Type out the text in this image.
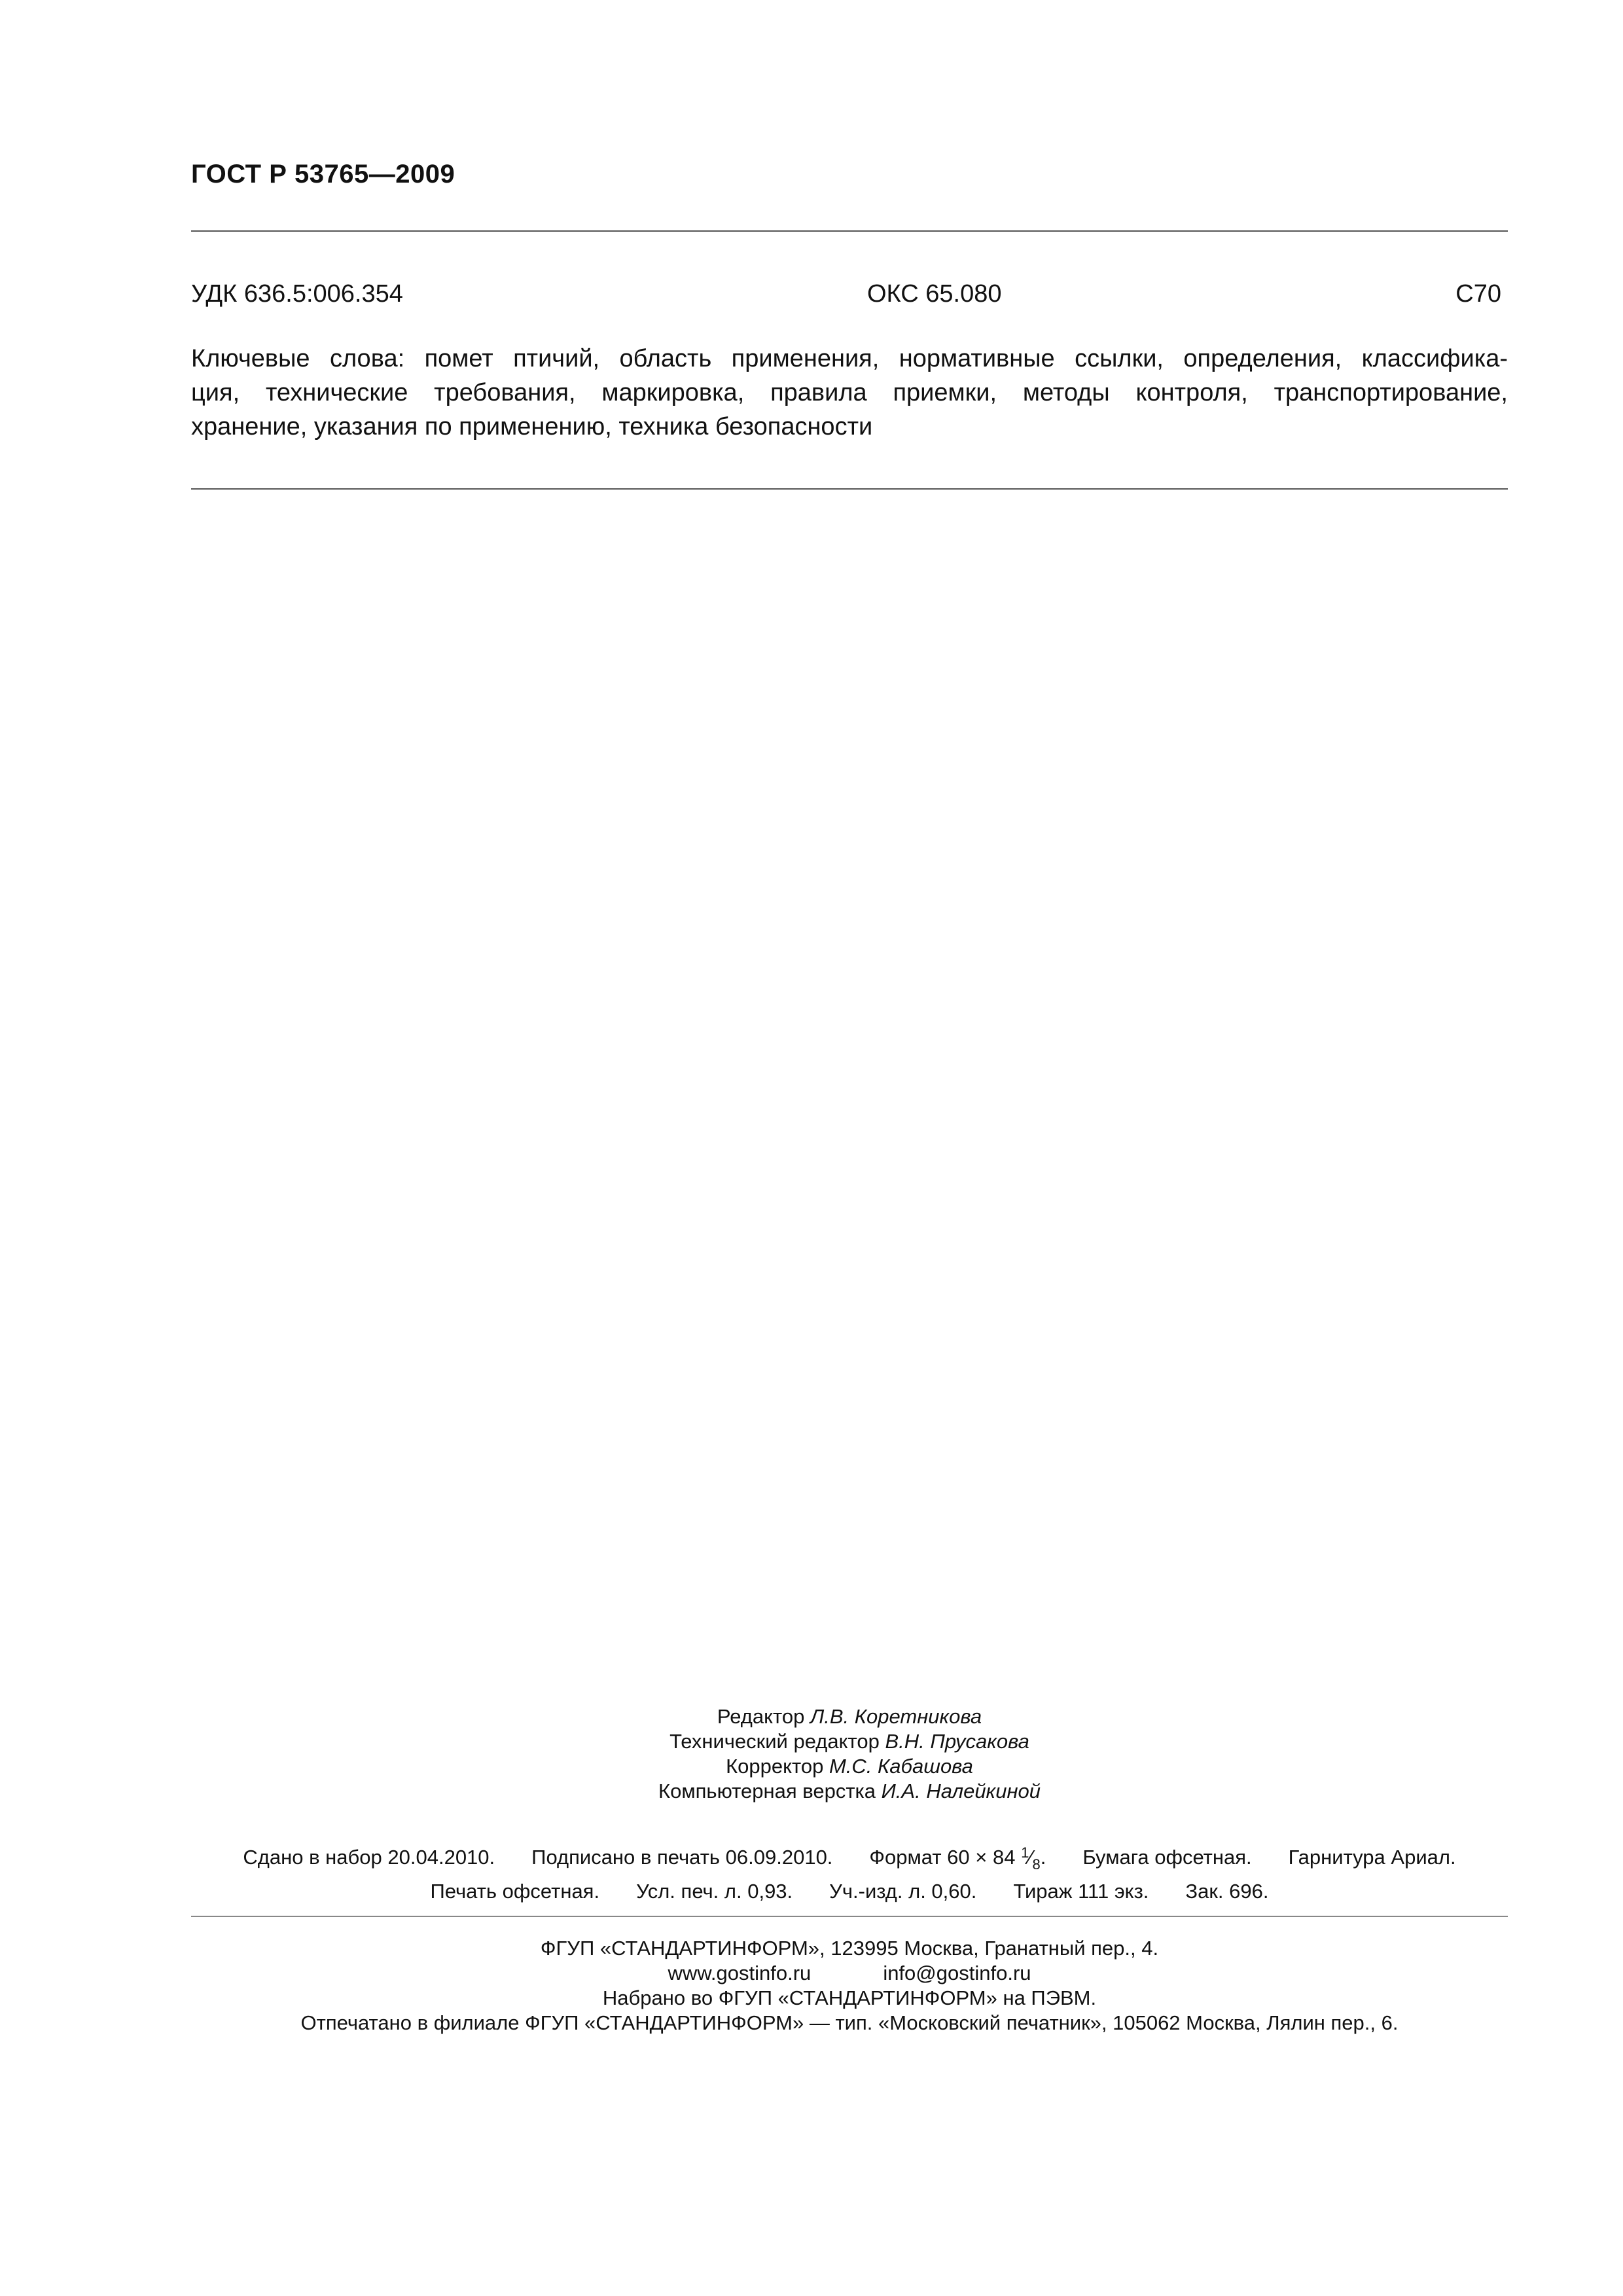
ГОСТ Р 53765—2009
УДК 636.5:006.354	ОКС 65.080	С70
Ключевые слова: помет птичий, область применения, нормативные ссылки, определения, классифика-
ция, технические требования, маркировка, правила приемки, методы контроля, транспортирование,
хранение, указания по применению, техника безопасности
Редактор Л.В. Коретникова
Технический редактор В.Н. Прусакова
Корректор М.С. Кабашова
Компьютерная верстка И.А. Налейкиной
Сдано в набор 20.04.2010. Подписано в печать 06.09.2010. Формат 60 × 84 $^1⁄_8$. Бумага офсетная. Гарнитура Ариал.
Печать офсетная. Усл. печ. л. 0,93. Уч.-изд. л. 0,60. Тираж 111 экз. Зак. 696.
ФГУП «СТАНДАРТИНФОРМ», 123995 Москва, Гранатный пер., 4.
www.gostinfo.ru	info@gostinfo.ru
Набрано во ФГУП «СТАНДАРТИНФОРМ» на ПЭВМ.
Отпечатано в филиале ФГУП «СТАНДАРТИНФОРМ» — тип. «Московский печатник», 105062 Москва, Лялин пер., 6.
